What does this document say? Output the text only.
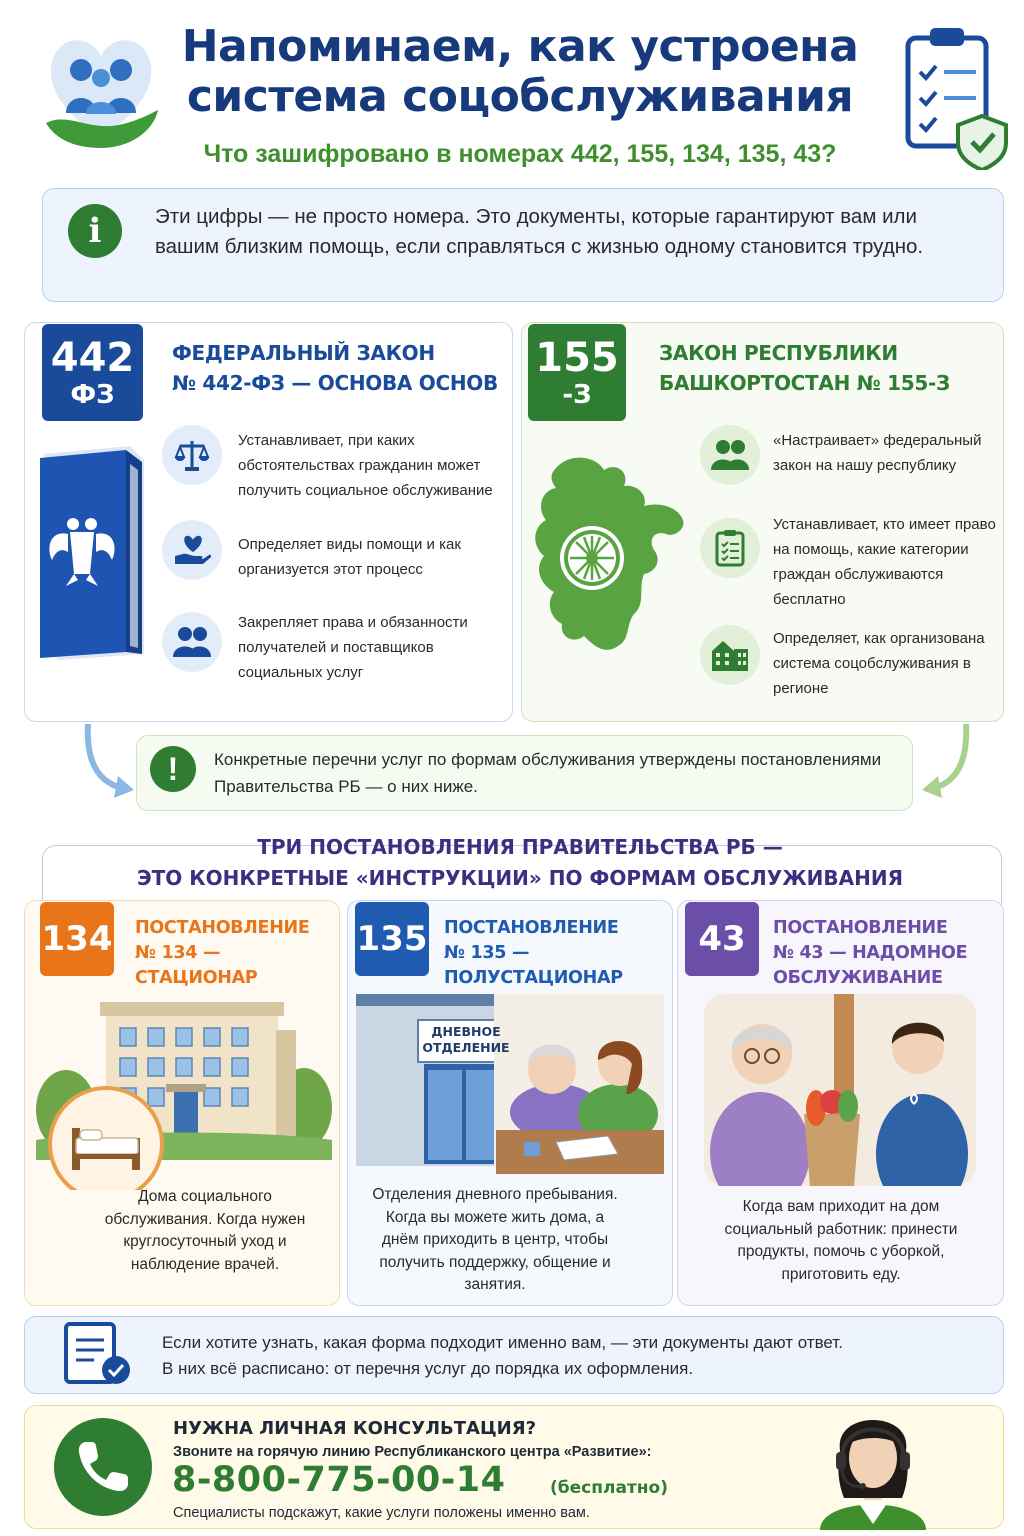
Напоминаем, как устроена
система соцобслуживания
Что зашифровано в номерах 442, 155, 134, 135, 43?
i	Эти цифры — не просто номера. Это документы, которые гарантируют вам или вашим близким помощь, если справляться с жизнью одному становится трудно.
442
ФЗ
ФЕДЕРАЛЬНЫЙ ЗАКОН
№ 442-ФЗ — ОСНОВА ОСНОВ
Устанавливает, при каких обстоятельствах гражданин может получить социальное обслуживание
Определяет виды помощи и как организуется этот процесс
Закрепляет права и обязанности получателей и поставщиков социальных услуг
155
-З
ЗАКОН РЕСПУБЛИКИ
БАШКОРТОСТАН № 155-З
«Настраивает» федеральный закон на нашу республику
Устанавливает, кто имеет право на помощь, какие категории граждан обслуживаются бесплатно
Определяет, как организована система соцобслуживания в регионе
!	Конкретные перечни услуг по формам обслуживания утверждены постановлениями Правительства РБ — о них ниже.
ТРИ ПОСТАНОВЛЕНИЯ ПРАВИТЕЛЬСТВА РБ —
ЭТО КОНКРЕТНЫЕ «ИНСТРУКЦИИ» ПО ФОРМАМ ОБСЛУЖИВАНИЯ
134 ПОСТАНОВЛЕНИЕ
№ 134 — СТАЦИОНАР
Дома социального обслуживания. Когда нужен круглосуточный уход и наблюдение врачей.
135 ПОСТАНОВЛЕНИЕ
№ 135 — ПОЛУСТАЦИОНАР
ДНЕВНОЕ ОТДЕЛЕНИЕ
Отделения дневного пребывания. Когда вы можете жить дома, а днём приходить в центр, чтобы получить поддержку, общение и занятия.
43	ПОСТАНОВЛЕНИЕ
№ 43 — НАДОМНОЕ
ОБСЛУЖИВАНИЕ
Когда вам приходит на дом социальный работник: принести продукты, помочь с уборкой, приготовить еду.
Если хотите узнать, какая форма подходит именно вам, — эти документы дают ответ.
В них всё расписано: от перечня услуг до порядка их оформления.
НУЖНА ЛИЧНАЯ КОНСУЛЬТАЦИЯ?
Звоните на горячую линию Республиканского центра «Развитие»:
8-800-775-00-14	(бесплатно)
Специалисты подскажут, какие услуги положены именно вам.
